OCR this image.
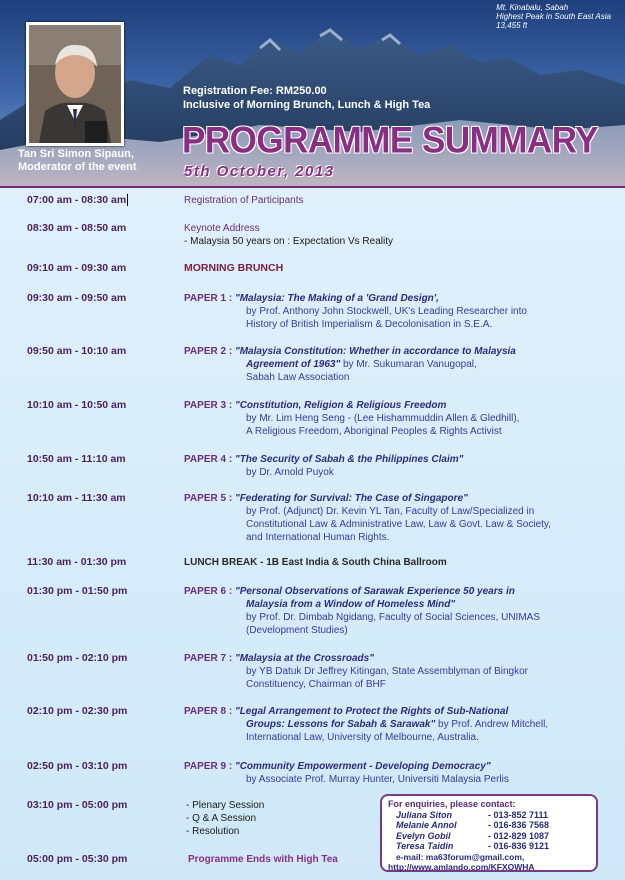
Mt. Kinabalu, Sabah
Highest Peak in South East Asia
13,455 ft
Tan Sri Simon Sipaun,
Moderator of the event
Registration Fee: RM250.00
Inclusive of Morning Brunch, Lunch & High Tea
PROGRAMME SUMMARY
5th October, 2013
07:00 am - 08:30 am	Registration of Participants
08:30 am - 08:50 am	Keynote Address
- Malaysia 50 years on : Expectation Vs Reality
09:10 am - 09:30 am	MORNING BRUNCH
09:30 am - 09:50 am	PAPER 1 : "Malaysia: The Making of a 'Grand Design',
by Prof. Anthony John Stockwell, UK's Leading Researcher into
History of British Imperialism & Decolonisation in S.E.A.
09:50 am - 10:10 am	PAPER 2 : "Malaysia Constitution: Whether in accordance to Malaysia
Agreement of 1963" by Mr. Sukumaran Vanugopal,
Sabah Law Association
10:10 am - 10:50 am	PAPER 3 : "Constitution, Religion & Religious Freedom
by Mr. Lim Heng Seng - (Lee Hishammuddin Allen & Gledhill),
A Religious Freedom, Aboriginal Peoples & Rights Activist
10:50 am - 11:10 am	PAPER 4 : "The Security of Sabah & the Philippines Claim"
by Dr. Arnold Puyok
10:10 am - 11:30 am	PAPER 5 : "Federating for Survival: The Case of Singapore"
by Prof. (Adjunct) Dr. Kevin YL Tan, Faculty of Law/Specialized in
Constitutional Law & Administrative Law, Law & Govt. Law & Society,
and International Human Rights.
11:30 am - 01:30 pm	LUNCH BREAK - 1B East India & South China Ballroom
01:30 pm - 01:50 pm	PAPER 6 : "Personal Observations of Sarawak Experience 50 years in
Malaysia from a Window of Homeless Mind"
by Prof. Dr. Dimbab Ngidang, Faculty of Social Sciences, UNIMAS
(Development Studies)
01:50 pm - 02:10 pm	PAPER 7 : "Malaysia at the Crossroads"
by YB Datuk Dr Jeffrey Kitingan, State Assemblyman of Bingkor
Constituency, Chairman of BHF
02:10 pm - 02:30 pm	PAPER 8 : "Legal Arrangement to Protect the Rights of Sub-National
Groups: Lessons for Sabah & Sarawak" by Prof. Andrew Mitchell,
International Law, University of Melbourne, Australia.
02:50 pm - 03:10 pm	PAPER 9 : "Community Empowerment - Developing Democracy"
by Associate Prof. Murray Hunter, Universiti Malaysia Perlis
03:10 pm - 05:00 pm	- Plenary Session
- Q & A Session
- Resolution
05:00 pm - 05:30 pm	Programme Ends with High Tea
For enquiries, please contact:
Juliana Siton	- 013-852 7111
Melanie Annol	- 016-836 7568
Evelyn Gobil	- 012-829 1087
Teresa Taidin	- 016-836 9121
e-mail: ma63forum@gmail.com,
http://www.amlando.com/KFXOWHA
